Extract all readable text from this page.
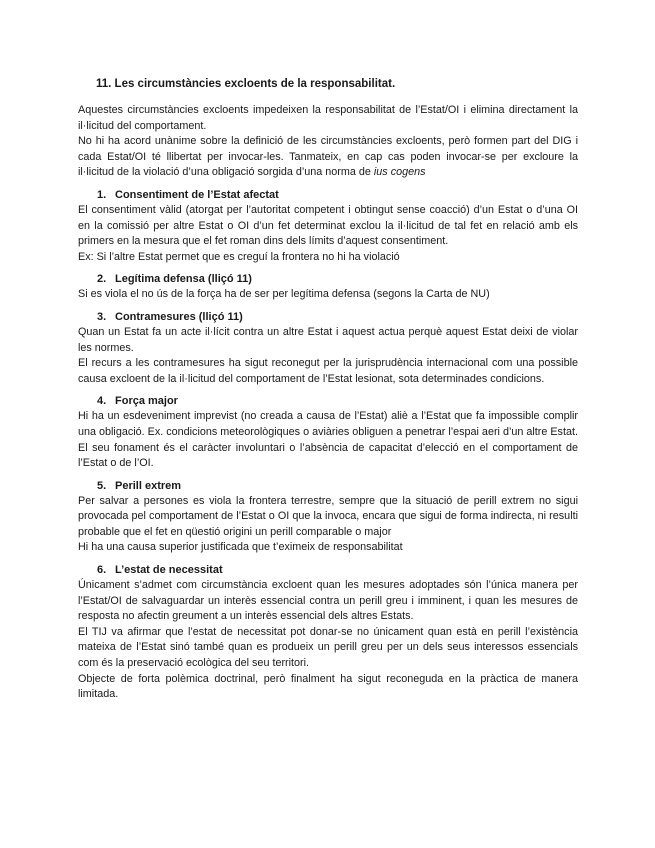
11. Les circumstàncies excloents de la responsabilitat.

Aquestes circumstàncies excloents impedeixen la responsabilitat de l’Estat/OI i elimina directament la il·licitud del comportament.

No hi ha acord unànime sobre la definició de les circumstàncies excloents, però formen part del DIG i cada Estat/OI té llibertat per invocar-les. Tanmateix, en cap cas poden invocar-se per excloure la il·licitud de la violació d’una obligació sorgida d’una norma de ius cogens

1. Consentiment de l’Estat afectat

El consentiment vàlid (atorgat per l’autoritat competent i obtingut sense coacció) d’un Estat o d’una OI en la comissió per altre Estat o OI d’un fet determinat exclou la il·licitud de tal fet en relació amb els primers en la mesura que el fet roman dins dels límits d’aquest consentiment.

Ex: Si l’altre Estat permet que es creguí la frontera no hi ha violació

2. Legítima defensa (lliçó 11)

Si es viola el no ús de la força ha de ser per legítima defensa (segons la Carta de NU)

3. Contramesures (lliçó 11)

Quan un Estat fa un acte il·lícit contra un altre Estat i aquest actua perquè aquest Estat deixi de violar les normes.

El recurs a les contramesures ha sigut reconegut per la jurisprudència internacional com una possible causa excloent de la il·licitud del comportament de l’Estat lesionat, sota determinades condicions.

4. Força major

Hi ha un esdeveniment imprevist (no creada a causa de l’Estat) aliè a l’Estat que fa impossible complir una obligació. Ex. condicions meteorològiques o aviàries obliguen a penetrar l’espai aeri d’un altre Estat.

El seu fonament és el caràcter involuntari o l’absència de capacitat d’elecció en el comportament de l’Estat o de l’OI.

5. Perill extrem

Per salvar a persones es viola la frontera terrestre, sempre que la situació de perill extrem no sigui provocada pel comportament de l’Estat o OI que la invoca, encara que sigui de forma indirecta, ni resulti probable que el fet en qüestió origini un perill comparable o major

Hi ha una causa superior justificada que t’eximeix de responsabilitat

6. L’estat de necessitat

Únicament s’admet com circumstància excloent quan les mesures adoptades són l’única manera per l’Estat/OI de salvaguardar un interès essencial contra un perill greu i imminent, i quan les mesures de resposta no afectin greument a un interès essencial dels altres Estats.

El TIJ va afirmar que l’estat de necessitat pot donar-se no únicament quan està en perill l’existència mateixa de l’Estat sinó també quan es produeix un perill greu per un dels seus interessos essencials com és la preservació ecològica del seu territori.

Objecte de forta polèmica doctrinal, però finalment ha sigut reconeguda en la pràctica de manera limitada.
